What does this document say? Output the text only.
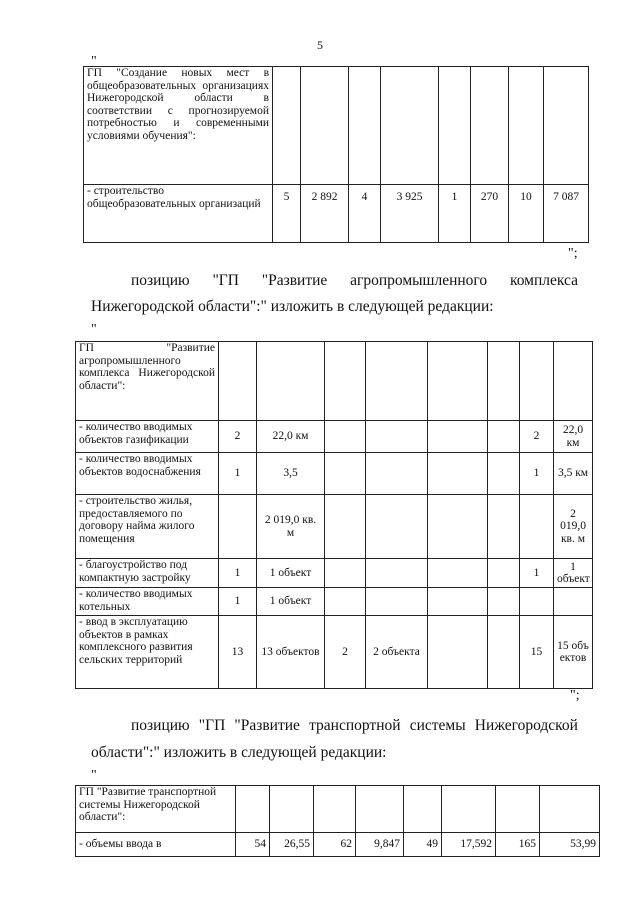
5
"
ГП "Создание новых мест в общеобразовательных организациях Нижегородской области в соответствии с прогнозируемой потребностью и современными условиями обучения":								
- строительство общеобразовательных организаций	5	2 892	4	3 925	1	270	10	7 087
";
позицию "ГП "Развитие агропромышленного комплекса
Нижегородской области":" изложить в следующей редакции:
"
ГП "Развитие агропромышленного комплекса Нижегородской области":								
- количество вводимых объектов газификации	2	22,0 км					2	22,0 км
- количество вводимых объектов водоснабжения	1	3,5					1	3,5 км
- строительство жилья, предоставляемого по договору найма жилого помещения		2 019,0 кв. м						2 019,0 кв. м
- благоустройство под компактную застройку	1	1 объект					1	1 объект
- количество вводимых котельных	1	1 объект						
- ввод в эксплуатацию объектов в рамках комплексного развития сельских территорий	13	13 объектов	2	2 объекта			15	15 объектов
";
позицию "ГП "Развитие транспортной системы Нижегородской
области":" изложить в следующей редакции:
"
ГП "Развитие транспортной системы Нижегородской области":								
- объемы ввода в	54	26,55	62	9,847	49	17,592	165	53,99
